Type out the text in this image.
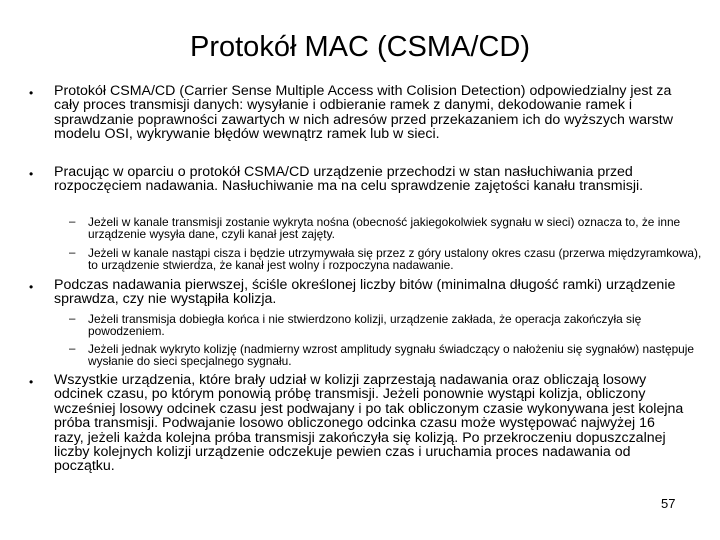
Protokół MAC (CSMA/CD)
• Protokół CSMA/CD (Carrier Sense Multiple Access with Colision Detection) odpowiedzialny jest za cały proces transmisji danych: wysyłanie i odbieranie ramek z danymi, dekodowanie ramek i sprawdzanie poprawności zawartych w nich adresów przed przekazaniem ich do wyższych warstw modelu OSI, wykrywanie błędów wewnątrz ramek lub w sieci.
• Pracując w oparciu o protokół CSMA/CD urządzenie przechodzi w stan nasłuchiwania przed rozpoczęciem nadawania. Nasłuchiwanie ma na celu sprawdzenie zajętości kanału transmisji.
– Jeżeli w kanale transmisji zostanie wykryta nośna (obecność jakiegokolwiek sygnału w sieci) oznacza to, że inne urządzenie wysyła dane, czyli kanał jest zajęty.
– Jeżeli w kanale nastąpi cisza i będzie utrzymywała się przez z góry ustalony okres czasu (przerwa międzyramkowa), to urządzenie stwierdza, że kanał jest wolny i rozpoczyna nadawanie.
• Podczas nadawania pierwszej, ściśle określonej liczby bitów (minimalna długość ramki) urządzenie sprawdza, czy nie wystąpiła kolizja.
– Jeżeli transmisja dobiegła końca i nie stwierdzono kolizji, urządzenie zakłada, że operacja zakończyła się powodzeniem.
– Jeżeli jednak wykryto kolizję (nadmierny wzrost amplitudy sygnału świadczący o nałożeniu się sygnałów) następuje wysłanie do sieci specjalnego sygnału.
• Wszystkie urządzenia, które brały udział w kolizji zaprzestają nadawania oraz obliczają losowy odcinek czasu, po którym ponowią próbę transmisji. Jeżeli ponownie wystąpi kolizja, obliczony wcześniej losowy odcinek czasu jest podwajany i po tak obliczonym czasie wykonywana jest kolejna próba transmisji. Podwajanie losowo obliczonego odcinka czasu może występować najwyżej 16 razy, jeżeli każda kolejna próba transmisji zakończyła się kolizją. Po przekroczeniu dopuszczalnej liczby kolejnych kolizji urządzenie odczekuje pewien czas i uruchamia proces nadawania od początku.
57
